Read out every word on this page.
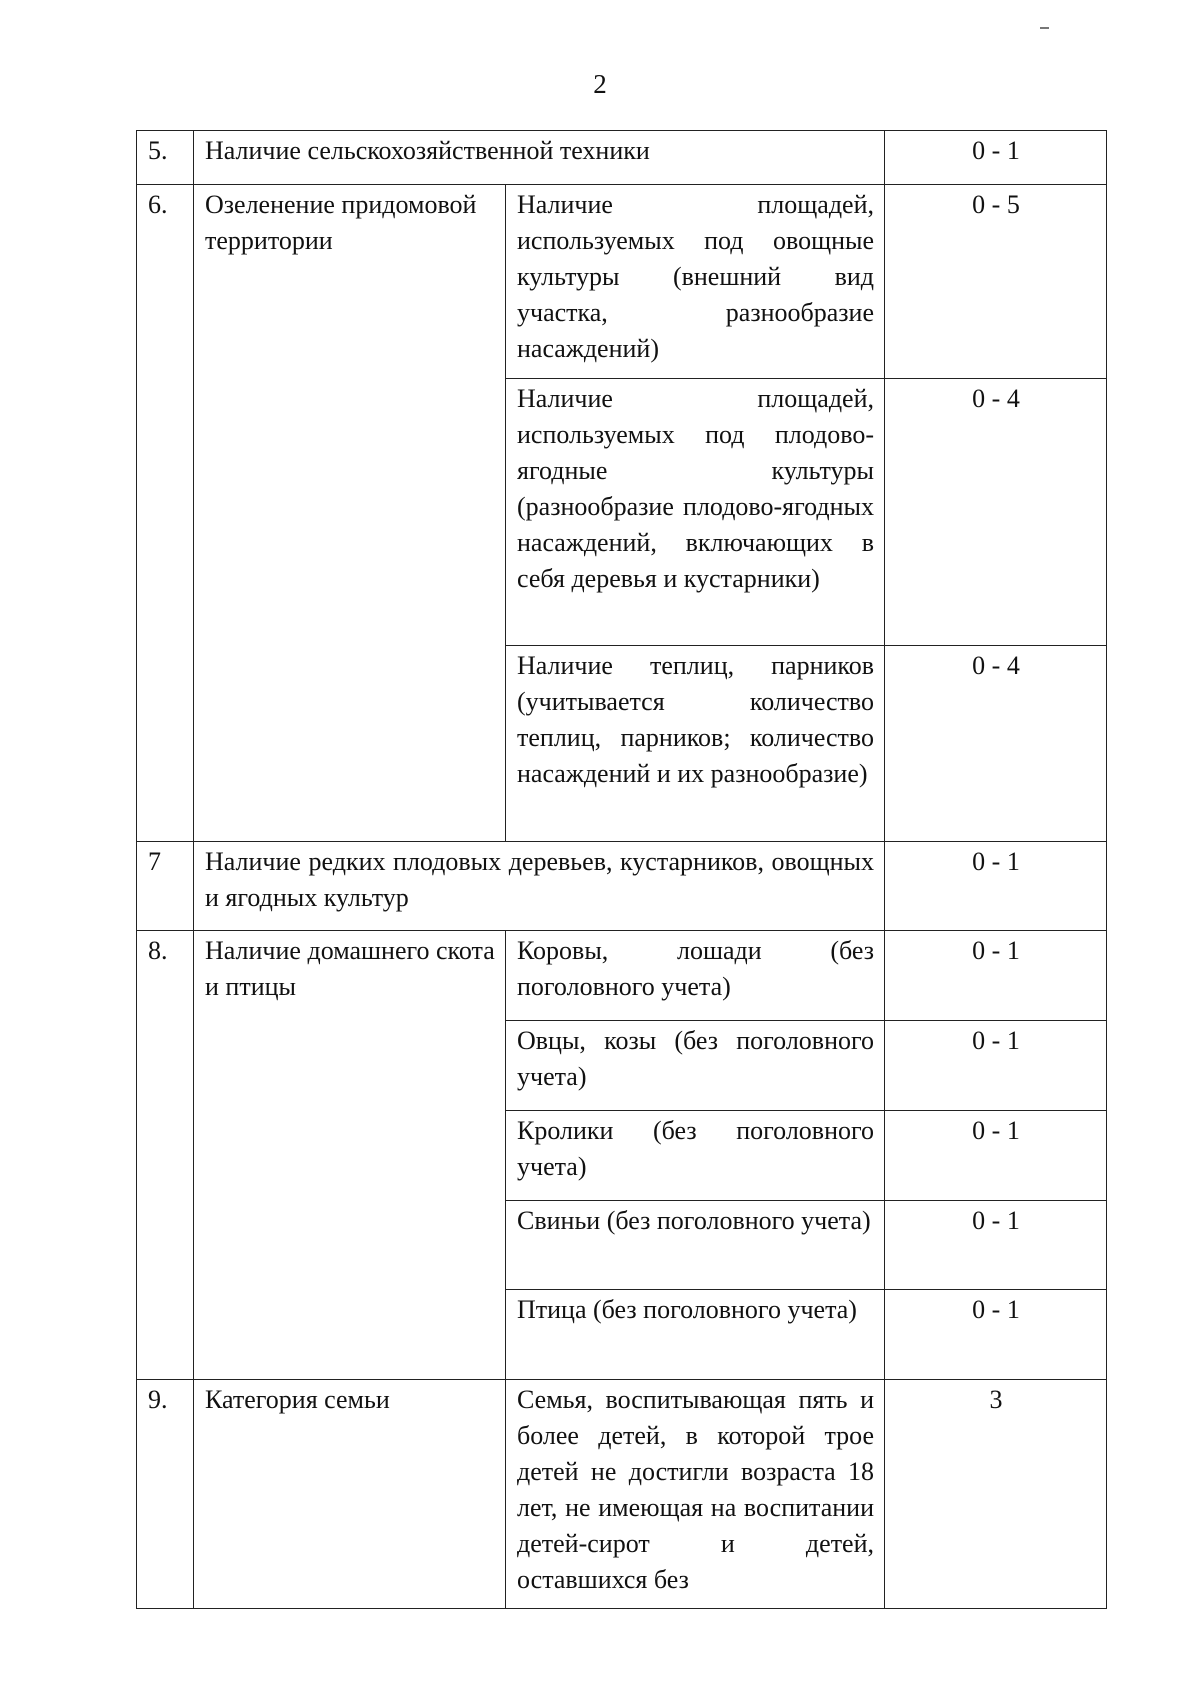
2
5.	Наличие сельскохозяйственной техники		0 - 1
6.	Озеленение придомовой территории	Наличие площадей, используемых под овощные культуры (внешний вид участка, разнообразие насаждений)	0 - 5
		Наличие площадей, используемых под плодово-ягодные культуры (разнообразие плодово-ягодных насаждений, включающих в себя деревья и кустарники)	0 - 4
		Наличие теплиц, парников (учитывается количество теплиц, парников; количество насаждений и их разнообразие)	0 - 4
7	Наличие редких плодовых деревьев, кустарников, овощных и ягодных культур		0 - 1
8.	Наличие домашнего скота и птицы	Коровы, лошади (без поголовного учета)	0 - 1
		Овцы, козы (без поголовного учета)	0 - 1
		Кролики (без поголовного учета)	0 - 1
		Свиньи (без поголовного учета)	0 - 1
		Птица (без поголовного учета)	0 - 1
9.	Категория семьи	Семья, воспитывающая пять и более детей, в которой трое детей не достигли возраста 18 лет, не имеющая на воспитании детей-сирот и детей, оставшихся без	3
